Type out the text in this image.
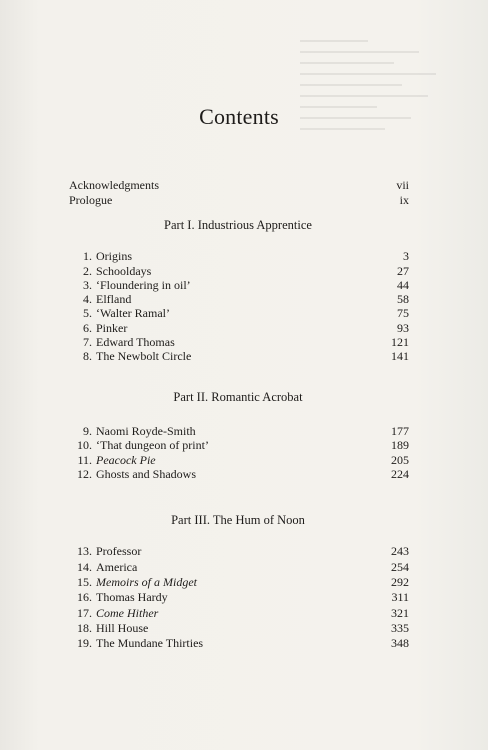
Contents
Acknowledgments	vii
Prologue	ix
Part I. Industrious Apprentice
1. Origins	3
2. Schooldays	27
3. ‘Floundering in oil’	44
4. Elfland	58
5. ‘Walter Ramal’	75
6. Pinker	93
7. Edward Thomas	121
8. The Newbolt Circle	141
Part II. Romantic Acrobat
9. Naomi Royde-Smith	177
10. ‘That dungeon of print’	189
11. Peacock Pie	205
12. Ghosts and Shadows	224
Part III. The Hum of Noon
13. Professor	243
14. America	254
15. Memoirs of a Midget	292
16. Thomas Hardy	311
17. Come Hither	321
18. Hill House	335
19. The Mundane Thirties	348
